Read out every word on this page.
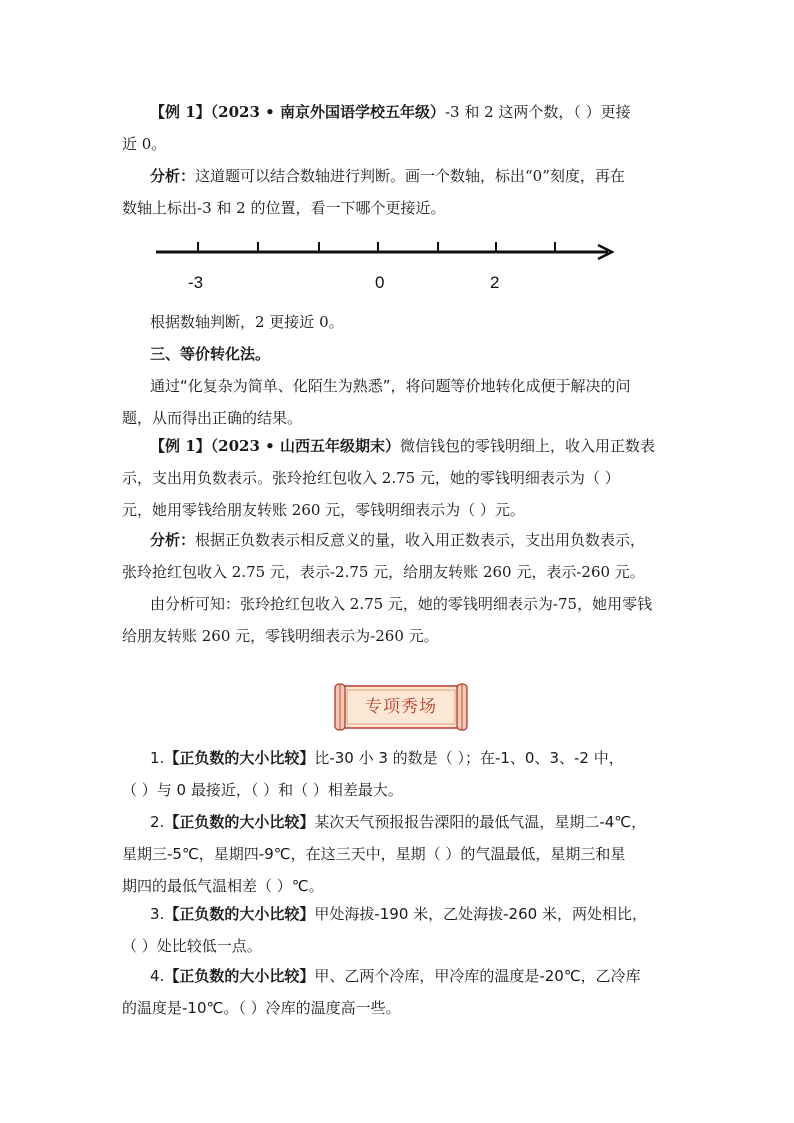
【例 1】（2023 • 南京外国语学校五年级）-3 和 2 这两个数，（ ）更接
近 0。
分析：这道题可以结合数轴进行判断。画一个数轴，标出“0”刻度，再在
数轴上标出-3 和 2 的位置，看一下哪个更接近。
-3	0	2
根据数轴判断，2 更接近 0。
三、等价转化法。
通过“化复杂为简单、化陌生为熟悉”，将问题等价地转化成便于解决的问
题，从而得出正确的结果。
【例 1】（2023 • 山西五年级期末）微信钱包的零钱明细上，收入用正数表
示，支出用负数表示。张玲抢红包收入 2.75 元，她的零钱明细表示为（ ）
元，她用零钱给朋友转账 260 元，零钱明细表示为（ ）元。
分析：根据正负数表示相反意义的量，收入用正数表示，支出用负数表示，
张玲抢红包收入 2.75 元，表示-2.75 元，给朋友转账 260 元，表示-260 元。
由分析可知：张玲抢红包收入 2.75 元，她的零钱明细表示为-75，她用零钱
给朋友转账 260 元，零钱明细表示为-260 元。
专项秀场
1.【正负数的大小比较】比-30 小 3 的数是（ ）；在-1、0、3、-2 中，
（ ）与 0 最接近，（ ）和（ ）相差最大。
2.【正负数的大小比较】某次天气预报报告溧阳的最低气温，星期二-4℃，
星期三-5℃，星期四-9℃，在这三天中，星期（ ）的气温最低，星期三和星
期四的最低气温相差（ ）℃。
3.【正负数的大小比较】甲处海拔-190 米，乙处海拔-260 米，两处相比，
（ ）处比较低一点。
4.【正负数的大小比较】甲、乙两个冷库，甲冷库的温度是-20℃，乙冷库
的温度是-10℃。（ ）冷库的温度高一些。
